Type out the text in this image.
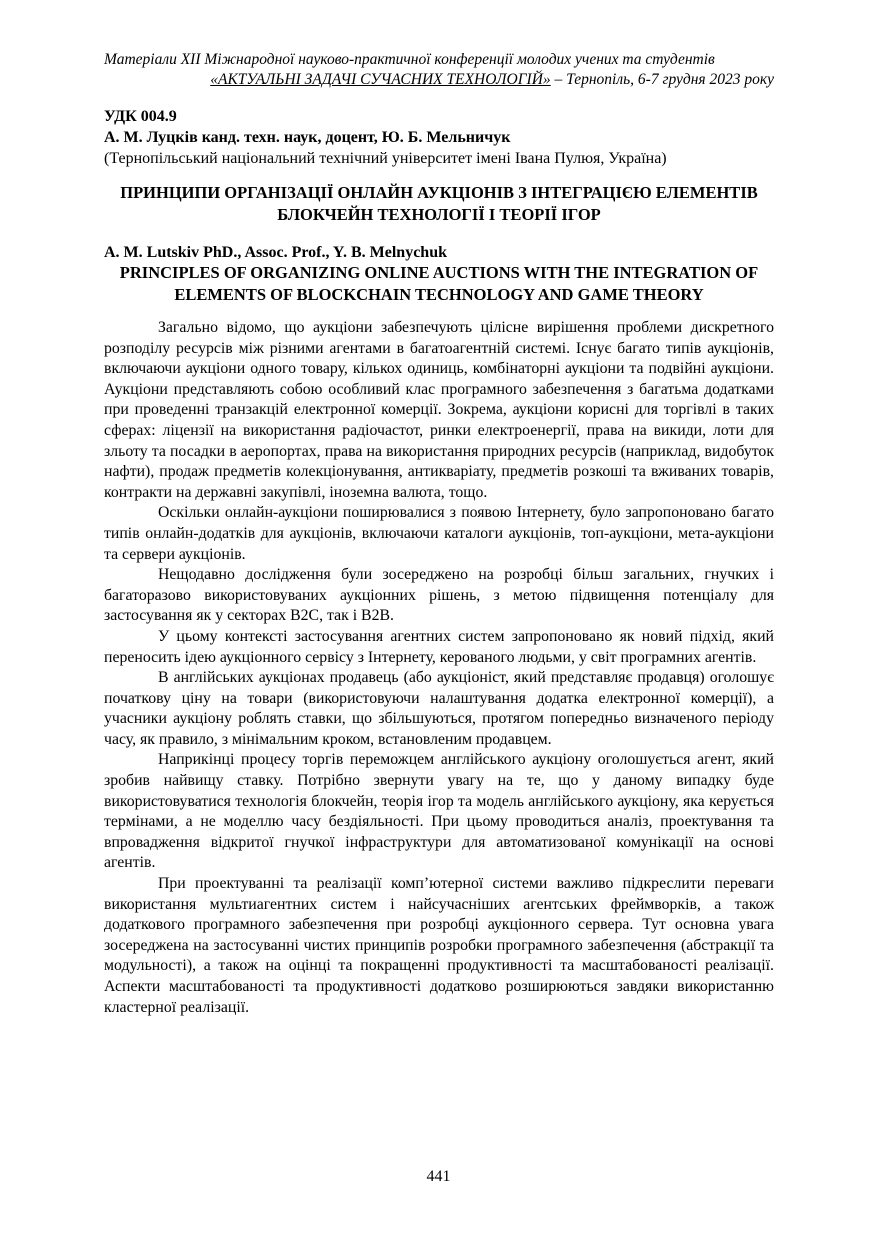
Матеріали XII Міжнародної науково-практичної конференції молодих учених та студентів
«АКТУАЛЬНІ ЗАДАЧІ СУЧАСНИХ ТЕХНОЛОГІЙ» – Тернопіль, 6-7 грудня 2023 року
УДК 004.9
А. М. Луцків канд. техн. наук, доцент, Ю. Б. Мельничук
(Тернопільський національний технічний університет імені Івана Пулюя, Україна)
ПРИНЦИПИ ОРГАНІЗАЦІЇ ОНЛАЙН АУКЦІОНІВ З ІНТЕГРАЦІЄЮ ЕЛЕМЕНТІВ БЛОКЧЕЙН ТЕХНОЛОГІЇ І ТЕОРІЇ ІГОР
A. M. Lutskiv PhD., Assoc. Prof., Y. B. Melnychuk
PRINCIPLES OF ORGANIZING ONLINE AUCTIONS WITH THE INTEGRATION OF ELEMENTS OF BLOCKCHAIN TECHNOLOGY AND GAME THEORY

Загально відомо, що аукціони забезпечують цілісне вирішення проблеми дискретного розподілу ресурсів між різними агентами в багатоагентній системі. Існує багато типів аукціонів, включаючи аукціони одного товару, кількох одиниць, комбінаторні аукціони та подвійні аукціони. Аукціони представляють собою особливий клас програмного забезпечення з багатьма додатками при проведенні транзакцій електронної комерції. Зокрема, аукціони корисні для торгівлі в таких сферах: ліцензії на використання радіочастот, ринки електроенергії, права на викиди, лоти для зльоту та посадки в аеропортах, права на використання природних ресурсів (наприклад, видобуток нафти), продаж предметів колекціонування, антикваріату, предметів розкоші та вживаних товарів, контракти на державні закупівлі, іноземна валюта, тощо.

Оскільки онлайн-аукціони поширювалися з появою Інтернету, було запропоновано багато типів онлайн-додатків для аукціонів, включаючи каталоги аукціонів, топ-аукціони, мета-аукціони та сервери аукціонів.

Нещодавно дослідження були зосереджено на розробці більш загальних, гнучких і багаторазово використовуваних аукціонних рішень, з метою підвищення потенціалу для застосування як у секторах B2C, так і B2B.

У цьому контексті застосування агентних систем запропоновано як новий підхід, який переносить ідею аукціонного сервісу з Інтернету, керованого людьми, у світ програмних агентів.

В англійських аукціонах продавець (або аукціоніст, який представляє продавця) оголошує початкову ціну на товари (використовуючи налаштування додатка електронної комерції), а учасники аукціону роблять ставки, що збільшуються, протягом попередньо визначеного періоду часу, як правило, з мінімальним кроком, встановленим продавцем.

Наприкінці процесу торгів переможцем англійського аукціону оголошується агент, який зробив найвищу ставку. Потрібно звернути увагу на те, що у даному випадку буде використовуватися технологія блокчейн, теорія ігор та модель англійського аукціону, яка керується термінами, а не моделлю часу бездіяльності. При цьому проводиться аналіз, проектування та впровадження відкритої гнучкої інфраструктури для автоматизованої комунікації на основі агентів.

При проектуванні та реалізації комп’ютерної системи важливо підкреслити переваги використання мультиагентних систем і найсучасніших агентських фреймворків, а також додаткового програмного забезпечення при розробці аукціонного сервера. Тут основна увага зосереджена на застосуванні чистих принципів розробки програмного забезпечення (абстракції та модульності), а також на оцінці та покращенні продуктивності та масштабованості реалізації. Аспекти масштабованості та продуктивності додатково розширюються завдяки використанню кластерної реалізації.

441
